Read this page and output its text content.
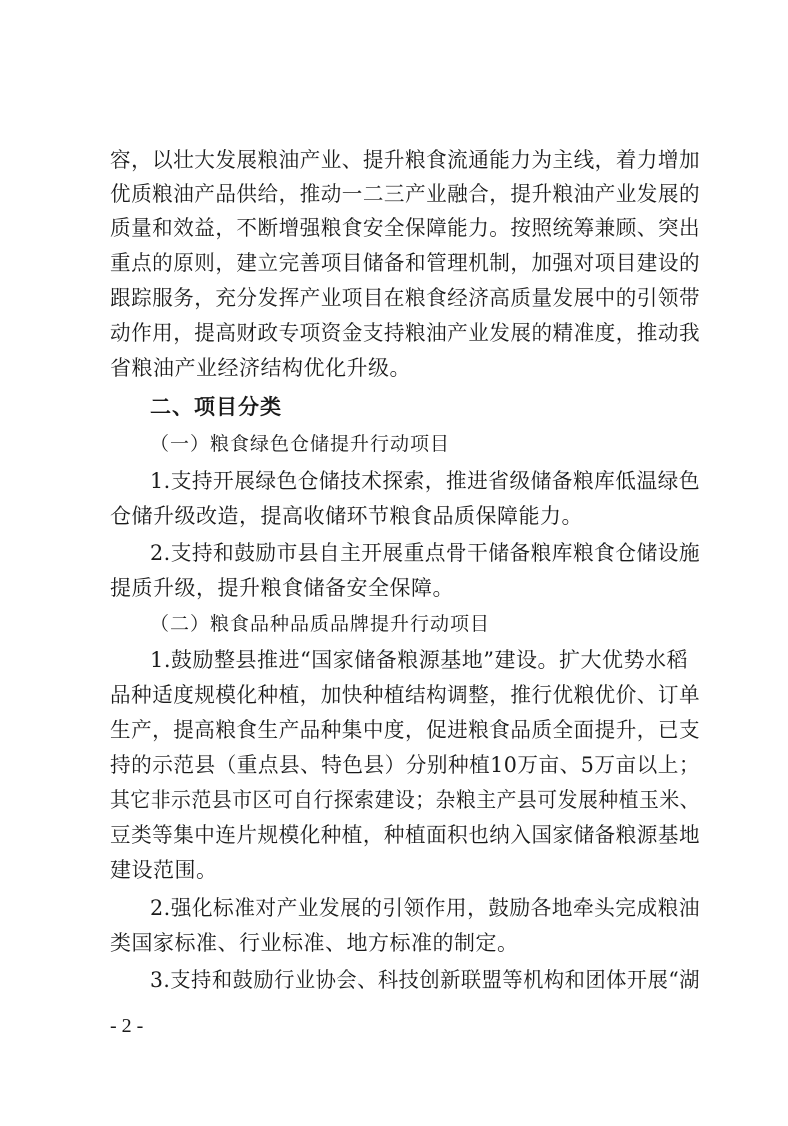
容，以壮大发展粮油产业、提升粮食流通能力为主线，着力增加
优质粮油产品供给，推动一二三产业融合，提升粮油产业发展的
质量和效益，不断增强粮食安全保障能力。按照统筹兼顾、突出
重点的原则，建立完善项目储备和管理机制，加强对项目建设的
跟踪服务，充分发挥产业项目在粮食经济高质量发展中的引领带
动作用，提高财政专项资金支持粮油产业发展的精准度，推动我
省粮油产业经济结构优化升级。
二、项目分类
（一）粮食绿色仓储提升行动项目
1.支持开展绿色仓储技术探索，推进省级储备粮库低温绿色
仓储升级改造，提高收储环节粮食品质保障能力。
2.支持和鼓励市县自主开展重点骨干储备粮库粮食仓储设施
提质升级，提升粮食储备安全保障。
（二）粮食品种品质品牌提升行动项目
1.鼓励整县推进“国家储备粮源基地”建设。扩大优势水稻
品种适度规模化种植，加快种植结构调整，推行优粮优价、订单
生产，提高粮食生产品种集中度，促进粮食品质全面提升，已支
持的示范县（重点县、特色县）分别种植10万亩、5万亩以上；
其它非示范县市区可自行探索建设；杂粮主产县可发展种植玉米、
豆类等集中连片规模化种植，种植面积也纳入国家储备粮源基地
建设范围。
2.强化标准对产业发展的引领作用，鼓励各地牵头完成粮油
类国家标准、行业标准、地方标准的制定。
3.支持和鼓励行业协会、科技创新联盟等机构和团体开展“湖
- 2 -
